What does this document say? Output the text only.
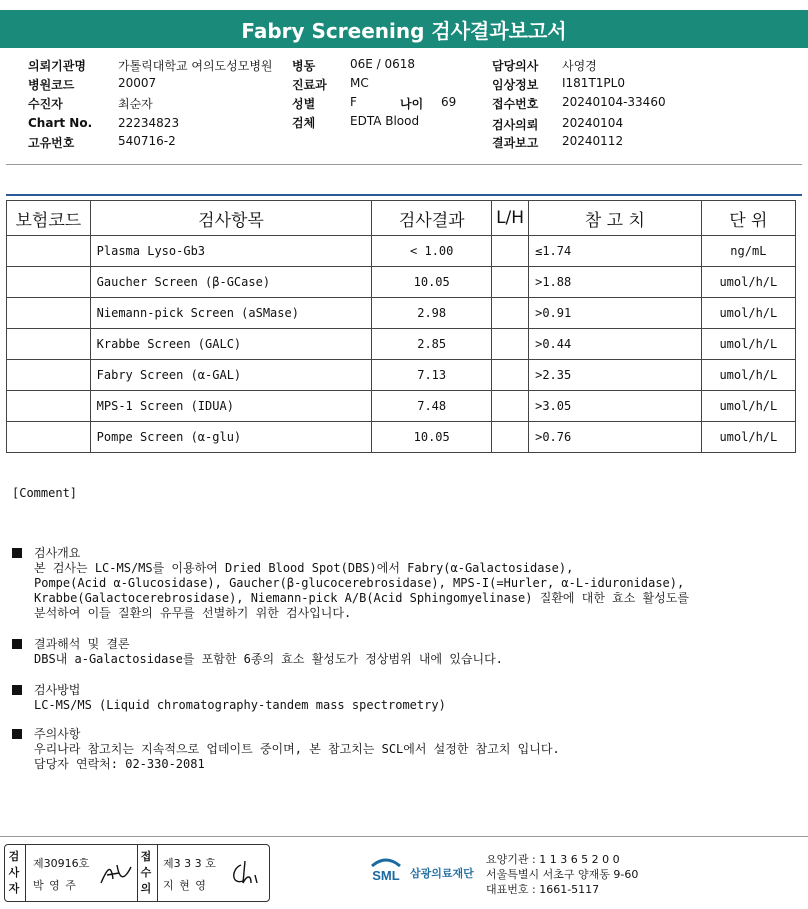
Fabry Screening 검사결과보고서
의뢰기관명	가톨릭대학교 여의도성모병원
병원코드	20007
수진자	최순자
Chart No. 22234823
고유번호	540716-2
병동	06E / 0618
진료과 MC
성별	F	나이 69
검체	EDTA Blood
담당의사 사영경
임상정보 I181T1PL0
접수번호 20240104-33460
검사의뢰 20240104
결과보고 20240112
보험코드	검사항목	검사결과	L/H	참 고 치	단 위
	Plasma Lyso-Gb3	< 1.00		≤1.74	ng/mL
	Gaucher Screen (β-GCase)	10.05		>1.88	umol/h/L
	Niemann-pick Screen (aSMase)	2.98		>0.91	umol/h/L
	Krabbe Screen (GALC)	2.85		>0.44	umol/h/L
	Fabry Screen (α-GAL)	7.13		>2.35	umol/h/L
	MPS-1 Screen (IDUA)	7.48		>3.05	umol/h/L
	Pompe Screen (α-glu)	10.05		>0.76	umol/h/L
[Comment]
검사개요
본 검사는 LC-MS/MS를 이용하여 Dried Blood Spot(DBS)에서 Fabry(α-Galactosidase),
Pompe(Acid α-Glucosidase), Gaucher(β-glucocerebrosidase), MPS-I(=Hurler, α-L-iduronidase),
Krabbe(Galactocerebrosidase), Niemann-pick A/B(Acid Sphingomyelinase) 질환에 대한 효소 활성도를
분석하여 이들 질환의 유무를 선별하기 위한 검사입니다.
결과해석 및 결론
DBS내 a-Galactosidase를 포함한 6종의 효소 활성도가 정상범위 내에 있습니다.
검사방법
LC-MS/MS (Liquid chromatography-tandem mass spectrometry)
주의사항
우리나라 참고치는 지속적으로 업데이트 중이며, 본 참고치는 SCL에서 설정한 참고치 입니다.
담당자 연락처: 02-330-2081
검사자
제30916호
박 영 주
접수의
제3 3 3 호
지 현 영
SML 삼광의료재단
요양기관 : 1 1 3 6 5 2 0 0
서울특별시 서초구 양재동 9-60
대표번호 : 1661-5117
